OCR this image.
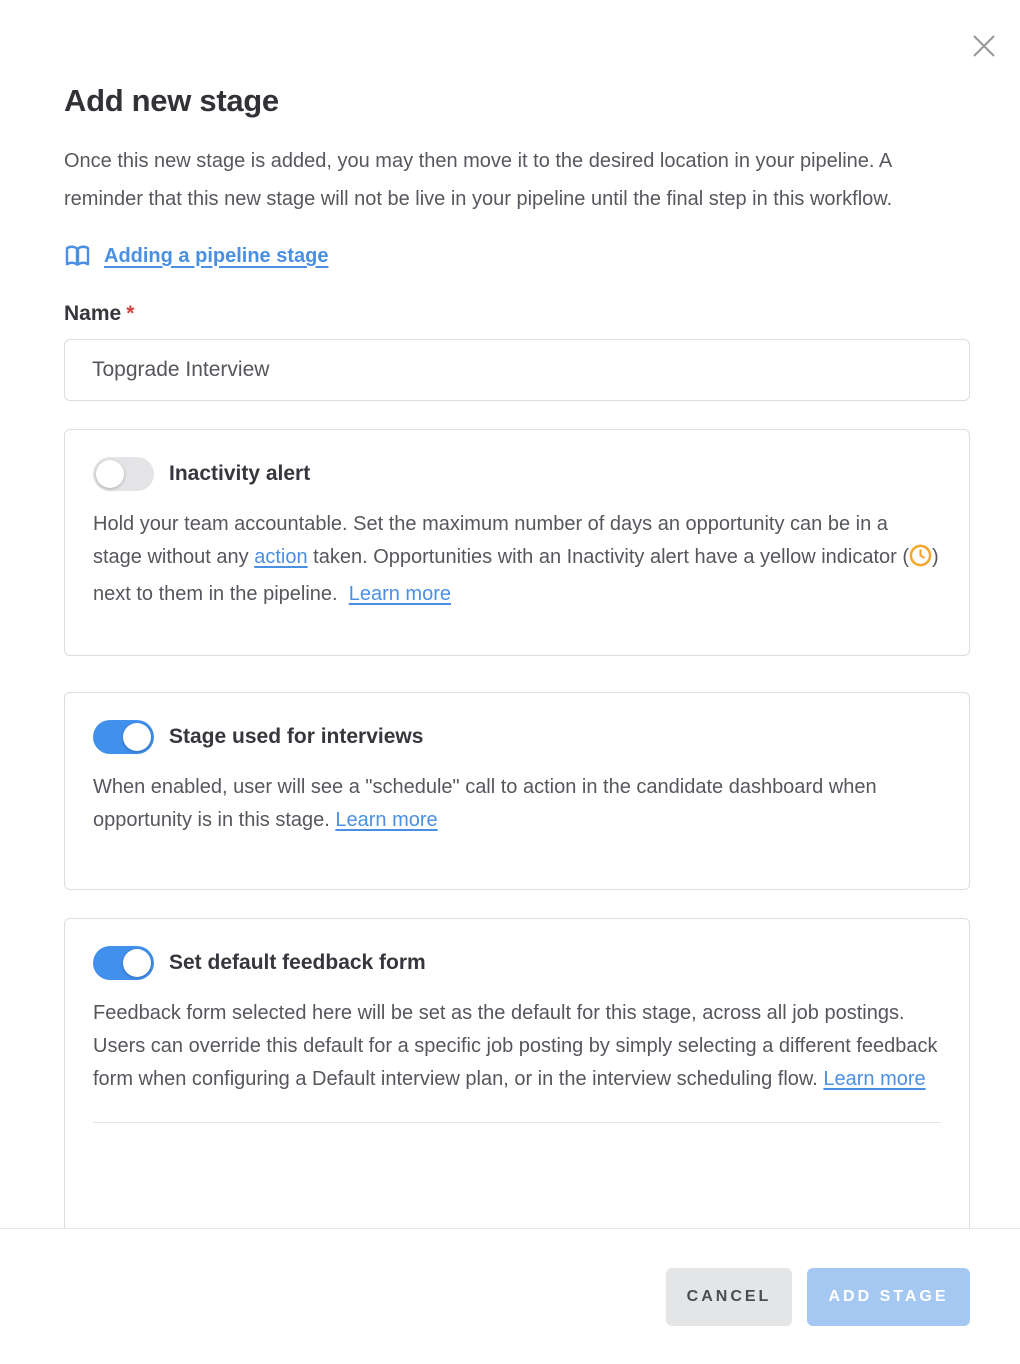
Add new stage

Once this new stage is added, you may then move it to the desired location in your pipeline. A reminder that this new stage will not be live in your pipeline until the final step in this workflow.

Adding a pipeline stage
Name *
Topgrade Interview
Inactivity alert

Hold your team accountable. Set the maximum number of days an opportunity can be in a stage without any action taken. Opportunities with an Inactivity alert have a yellow indicator ( ) next to them in the pipeline.  Learn more

Stage used for interviews

When enabled, user will see a "schedule" call to action in the candidate dashboard when opportunity is in this stage. Learn more

Set default feedback form

Feedback form selected here will be set as the default for this stage, across all job postings. Users can override this default for a specific job posting by simply selecting a different feedback form when configuring a Default interview plan, or in the interview scheduling flow. Learn more

CANCEL	ADD STAGE
